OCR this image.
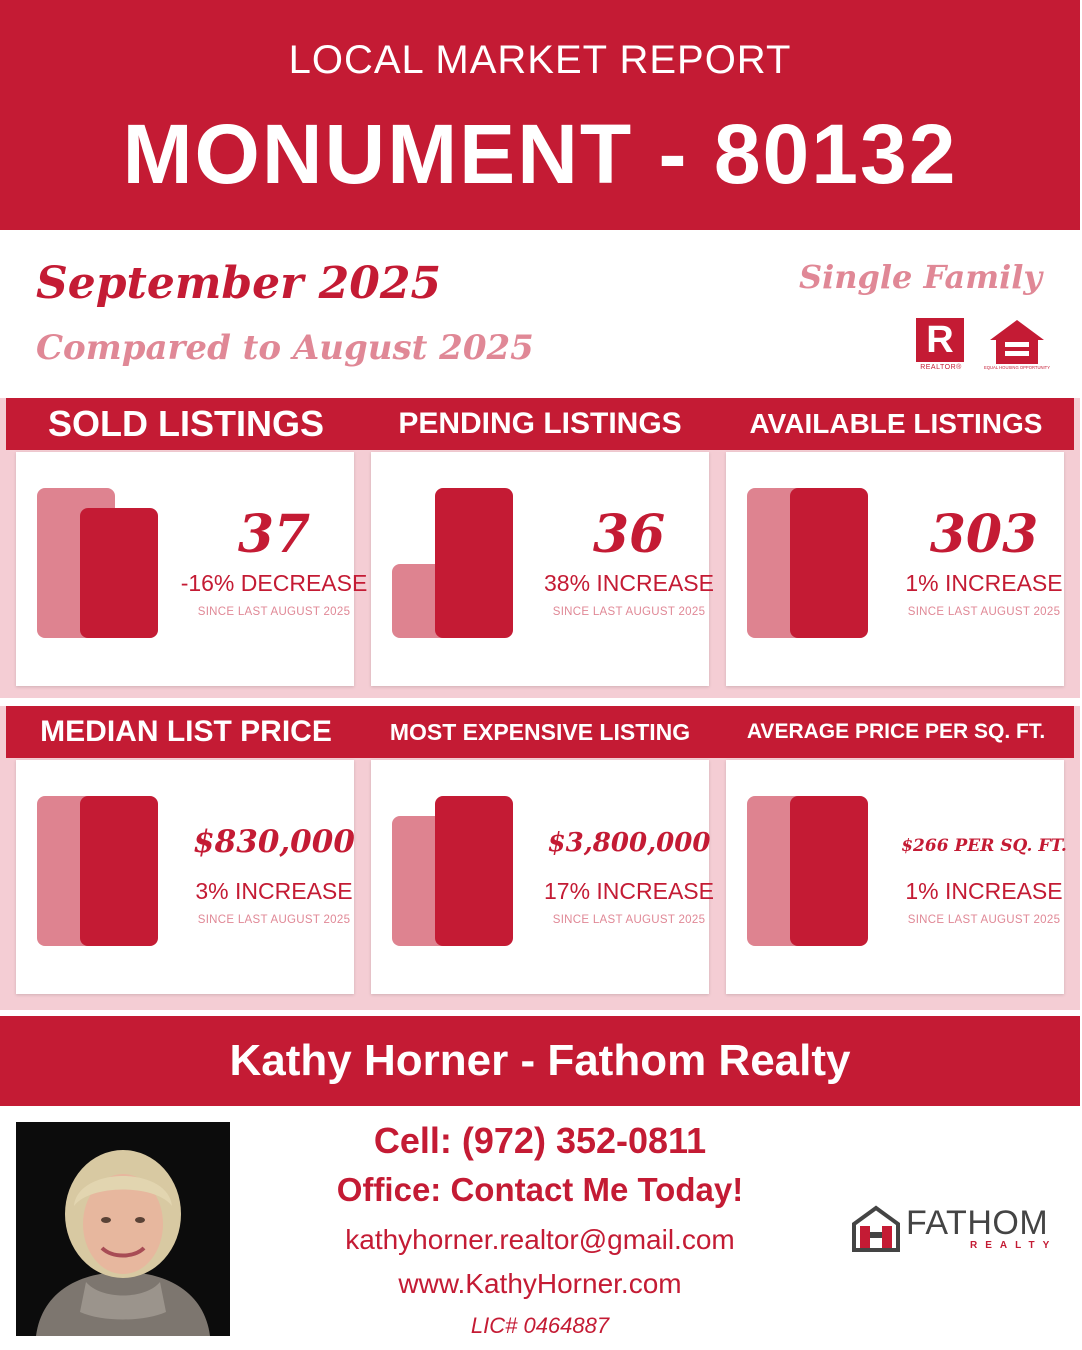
LOCAL MARKET REPORT
MONUMENT - 80132
September 2025
Compared to August 2025
Single Family
R
REALTOR®	EQUAL HOUSING OPPORTUNITY
SOLD LISTINGS	PENDING LISTINGS	AVAILABLE LISTINGS
37
-16% DECREASE
SINCE LAST AUGUST 2025
36
38% INCREASE
SINCE LAST AUGUST 2025
303
1% INCREASE
SINCE LAST AUGUST 2025
MEDIAN LIST PRICE	MOST EXPENSIVE LISTING	AVERAGE PRICE PER SQ. FT.
$830,000
3% INCREASE
SINCE LAST AUGUST 2025
$3,800,000
17% INCREASE
SINCE LAST AUGUST 2025
$266 PER SQ. FT.
1% INCREASE
SINCE LAST AUGUST 2025
Kathy Horner - Fathom Realty
Cell: (972) 352-0811
Office: Contact Me Today!
kathyhorner.realtor@gmail.com
www.KathyHorner.com
LIC# 0464887
FATHOM
REALTY
